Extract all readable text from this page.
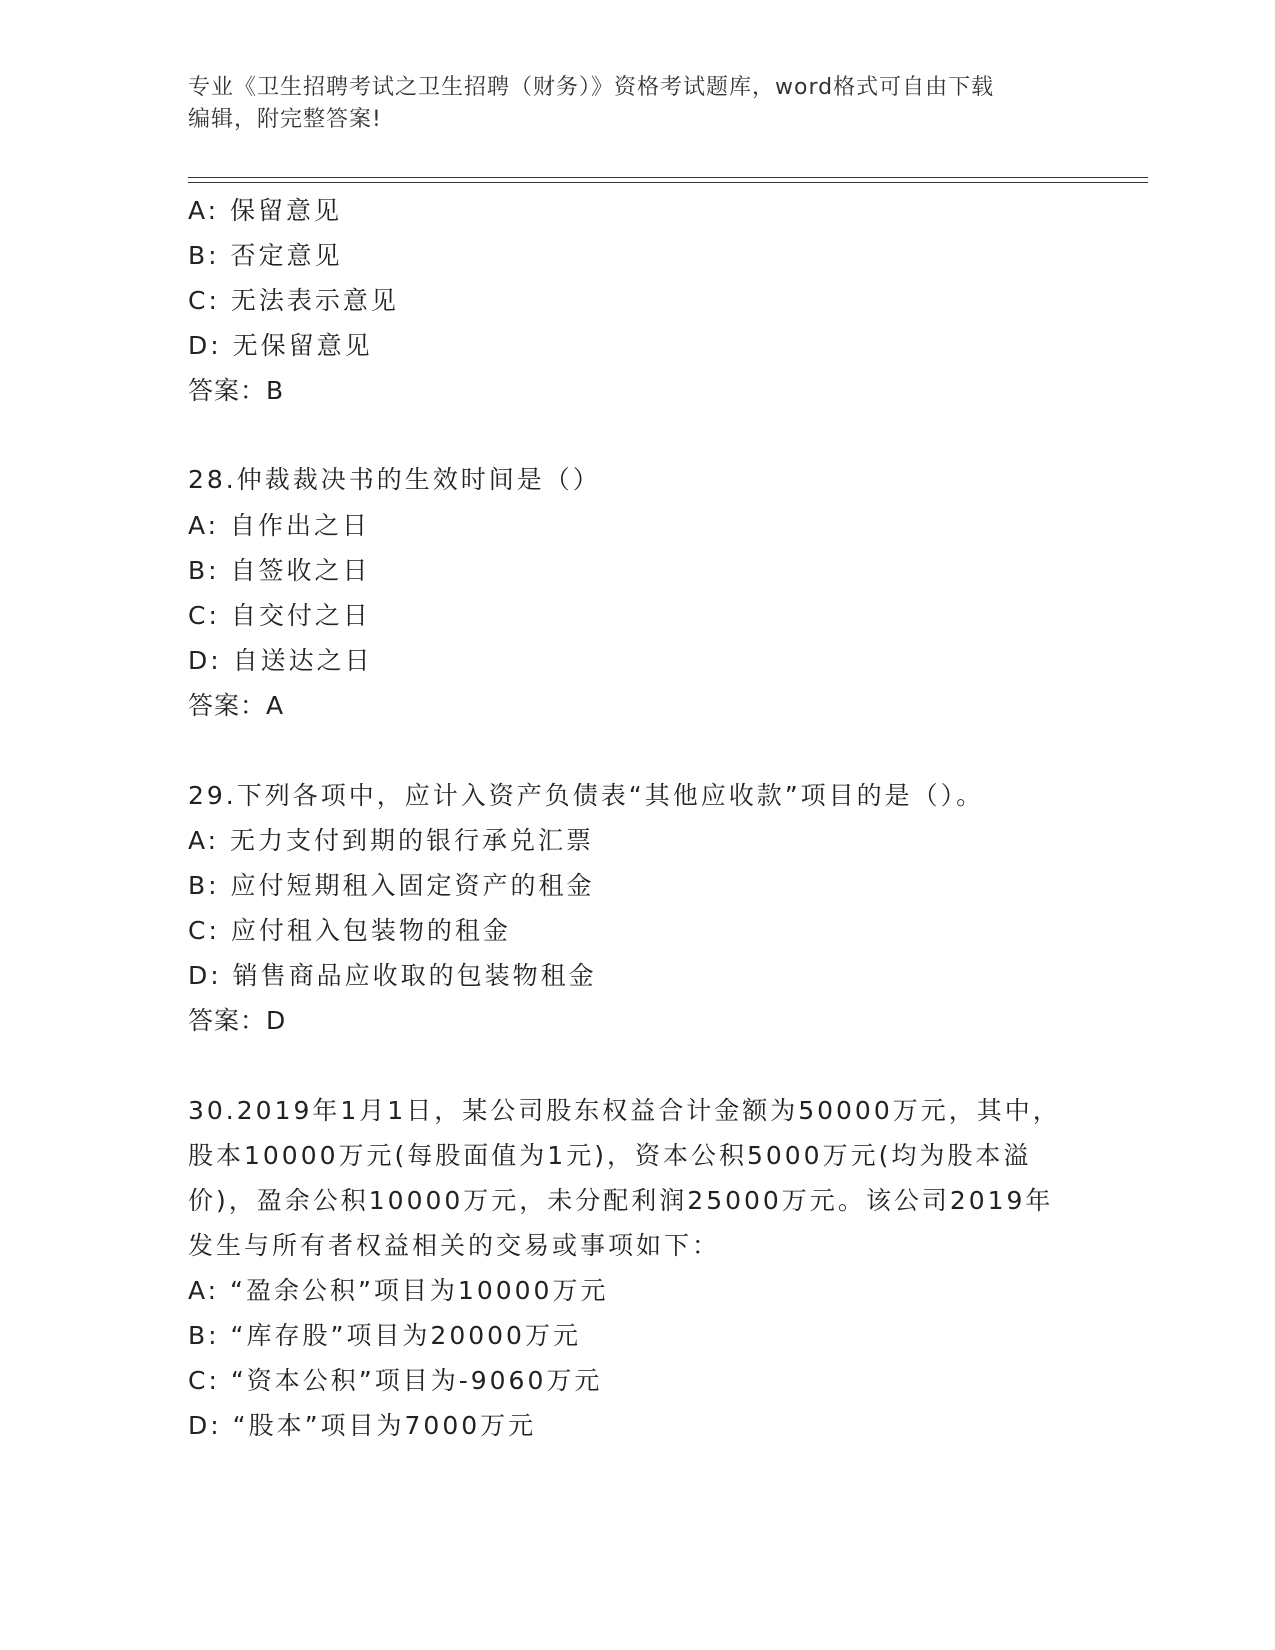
专业《卫生招聘考试之卫生招聘（财务）》资格考试题库，word格式可自由下载
编辑，附完整答案!
A: 保留意见
B: 否定意见
C: 无法表示意见
D: 无保留意见
答案：B
28.仲裁裁决书的生效时间是（）
A: 自作出之日
B: 自签收之日
C: 自交付之日
D: 自送达之日
答案：A
29.下列各项中，应计入资产负债表“其他应收款”项目的是（）。
A: 无力支付到期的银行承兑汇票
B: 应付短期租入固定资产的租金
C: 应付租入包装物的租金
D: 销售商品应收取的包装物租金
答案：D
30.2019年1月1日，某公司股东权益合计金额为50000万元，其中，
股本10000万元(每股面值为1元)，资本公积5000万元(均为股本溢
价)，盈余公积10000万元，未分配利润25000万元。该公司2019年
发生与所有者权益相关的交易或事项如下：
A: “盈余公积”项目为10000万元
B: “库存股”项目为20000万元
C: “资本公积”项目为-9060万元
D: “股本”项目为7000万元
